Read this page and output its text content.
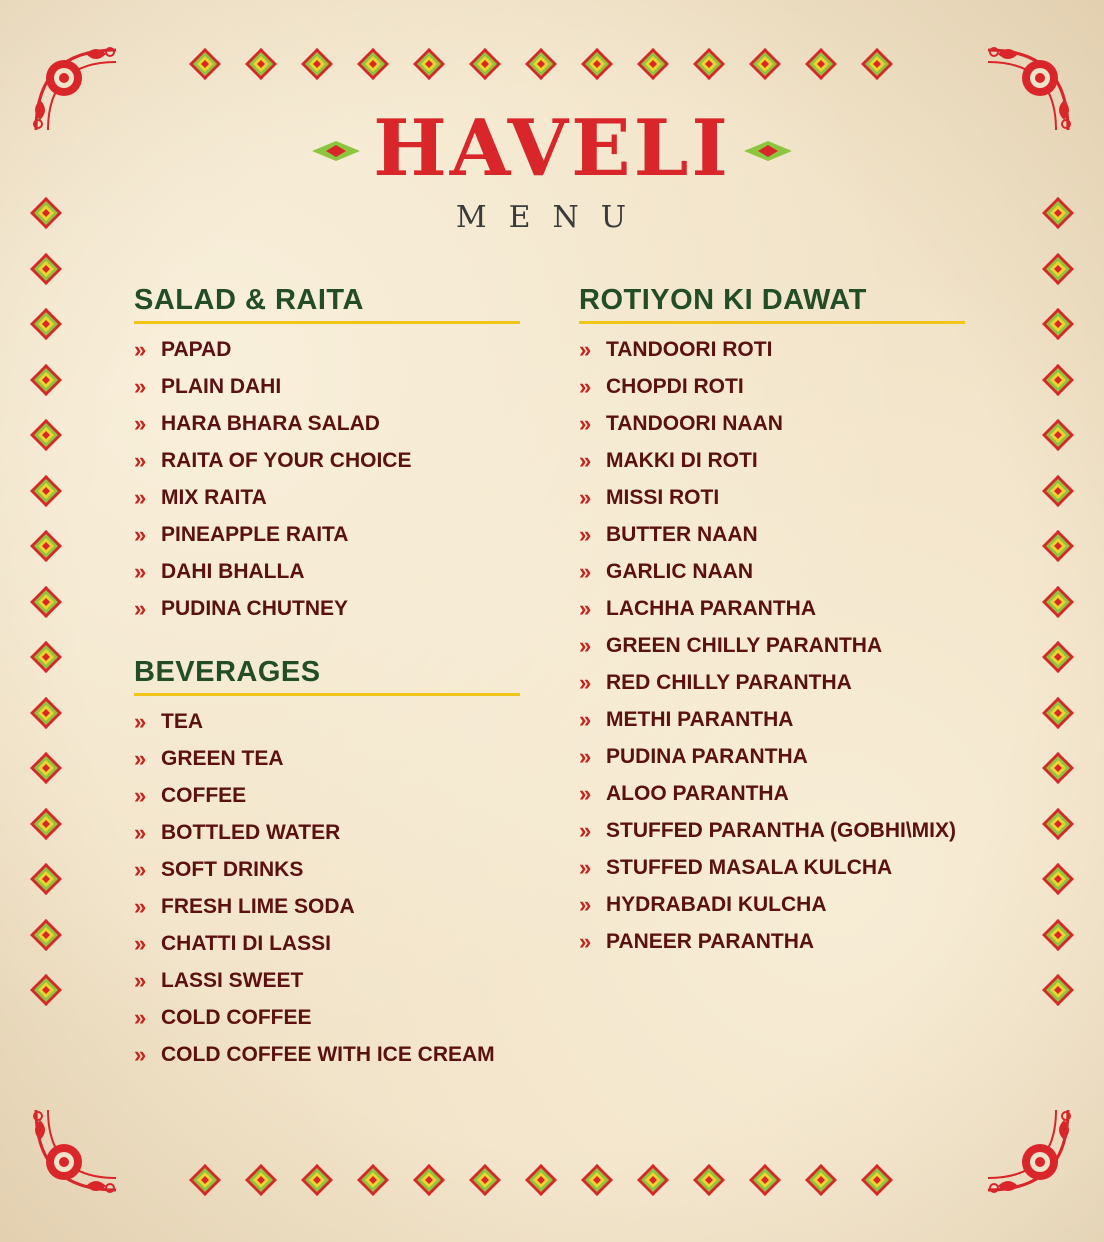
HAVELI
MENU
SALAD & RAITA
» PAPAD
» PLAIN DAHI
» HARA BHARA SALAD
» RAITA OF YOUR CHOICE
» MIX RAITA
» PINEAPPLE RAITA
» DAHI BHALLA
» PUDINA CHUTNEY
BEVERAGES
» TEA
» GREEN TEA
» COFFEE
» BOTTLED WATER
» SOFT DRINKS
» FRESH LIME SODA
» CHATTI DI LASSI
» LASSI SWEET
» COLD COFFEE
» COLD COFFEE WITH ICE CREAM
ROTIYON KI DAWAT
» TANDOORI ROTI
» CHOPDI ROTI
» TANDOORI NAAN
» MAKKI DI ROTI
» MISSI ROTI
» BUTTER NAAN
» GARLIC NAAN
» LACHHA PARANTHA
» GREEN CHILLY PARANTHA
» RED CHILLY PARANTHA
» METHI PARANTHA
» PUDINA PARANTHA
» ALOO PARANTHA
» STUFFED PARANTHA (GOBHI\MIX)
» STUFFED MASALA KULCHA
» HYDRABADI KULCHA
» PANEER PARANTHA
